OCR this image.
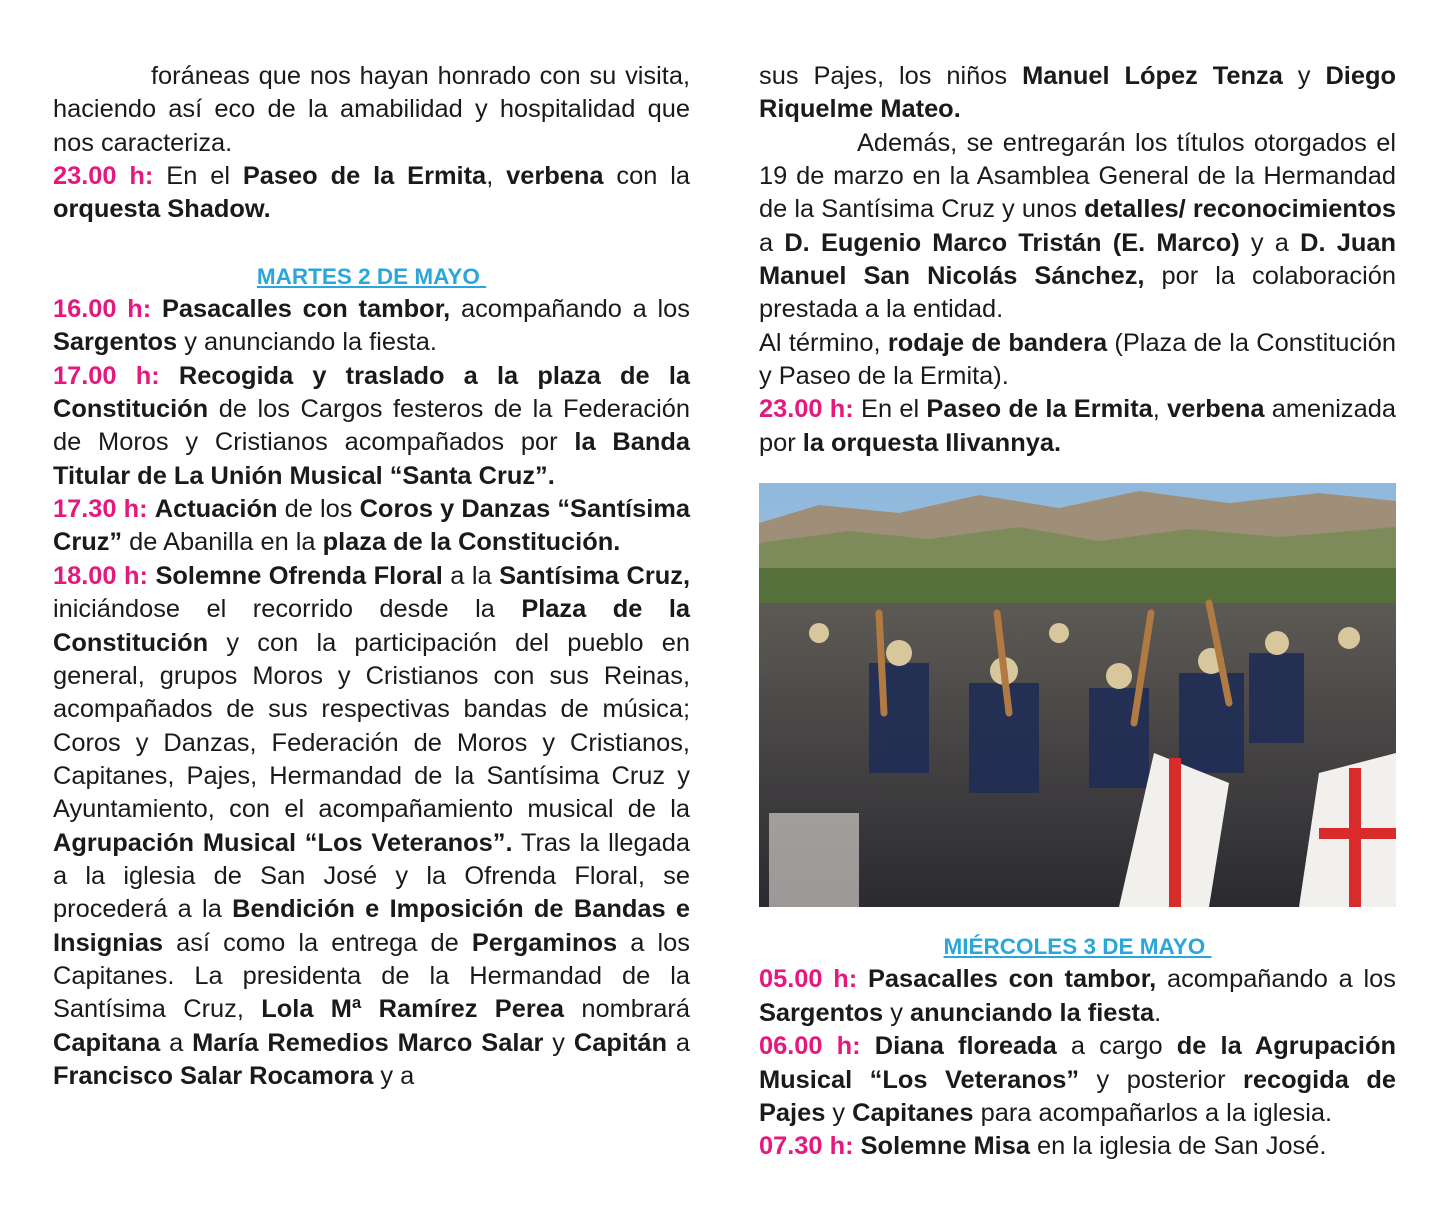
foráneas que nos hayan honrado con su visita, haciendo así eco de la amabilidad y hospitalidad que nos caracteriza.

23.00 h: En el Paseo de la Ermita, verbena con la orquesta Shadow.

MARTES 2 DE MAYO

16.00 h: Pasacalles con tambor, acompañando a los Sargentos y anunciando la fiesta.

17.00 h: Recogida y traslado a la plaza de la Constitución de los Cargos festeros de la Federación de Moros y Cristianos acompañados por la Banda Titular de La Unión Musical “Santa Cruz”.

17.30 h: Actuación de los Coros y Danzas “Santísima Cruz” de Abanilla en la plaza de la Constitución.

18.00 h: Solemne Ofrenda Floral a la Santísima Cruz, iniciándose el recorrido desde la Plaza de la Constitución y con la participación del pueblo en general, grupos Moros y Cristianos con sus Reinas, acompañados de sus respectivas bandas de música; Coros y Danzas, Federación de Moros y Cristianos, Capitanes, Pajes, Hermandad de la Santísima Cruz y Ayuntamiento, con el acompañamiento musical de la Agrupación Musical “Los Veteranos”. Tras la llegada a la iglesia de San José y la Ofrenda Floral, se procederá a la Bendición e Imposición de Bandas e Insignias así como la entrega de Pergaminos a los Capitanes. La presidenta de la Hermandad de la Santísima Cruz, Lola Mª Ramírez Perea nombrará Capitana a María Remedios Marco Salar y Capitán a Francisco Salar Rocamora y a

sus Pajes, los niños Manuel López Tenza y Diego Riquelme Mateo.

Además, se entregarán los títulos otorgados el 19 de marzo en la Asamblea General de la Hermandad de la Santísima Cruz y unos detalles/ reconocimientos a D. Eugenio Marco Tristán (E. Marco) y a D. Juan Manuel San Nicolás Sánchez, por la colaboración prestada a la entidad.

Al término, rodaje de bandera (Plaza de la Constitución y Paseo de la Ermita).

23.00 h: En el Paseo de la Ermita, verbena amenizada por la orquesta Ilivannya.

MIÉRCOLES 3 DE MAYO

05.00 h: Pasacalles con tambor, acompañando a los Sargentos y anunciando la fiesta.

06.00 h: Diana floreada a cargo de la Agrupación Musical “Los Veteranos” y posterior recogida de Pajes y Capitanes para acompañarlos a la iglesia.

07.30 h: Solemne Misa en la iglesia de San José.
